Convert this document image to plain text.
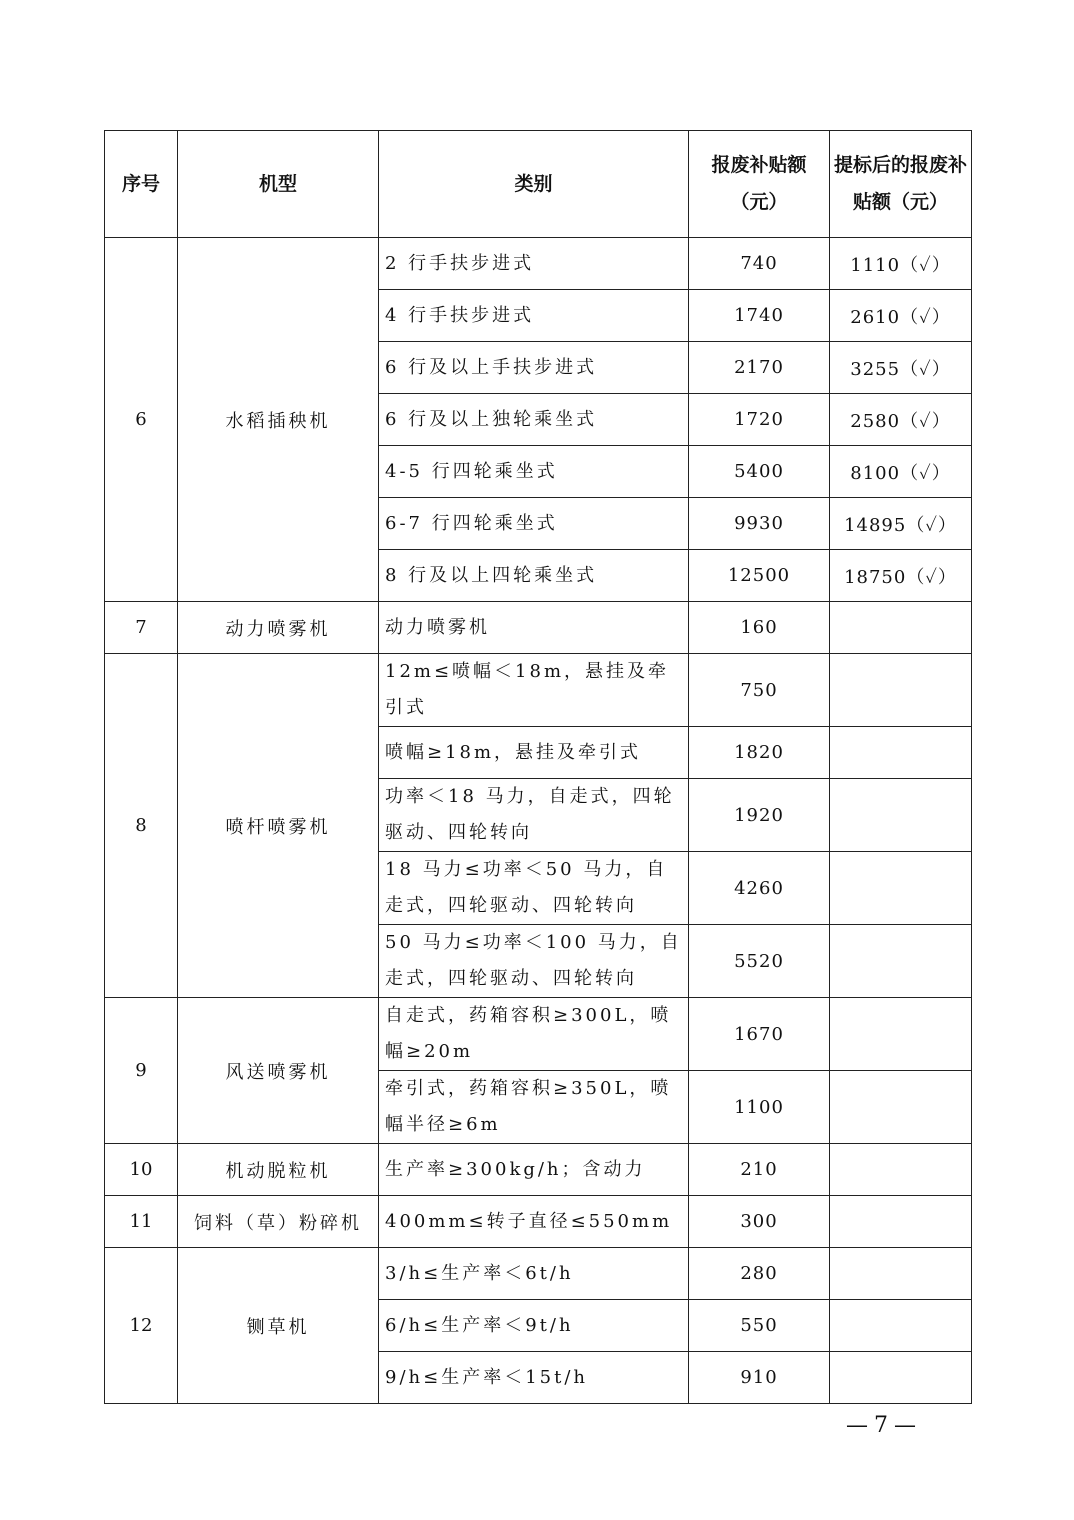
序号	机型	类别	报废补贴额（元）	提标后的报废补贴额（元）
6	水稻插秧机	2 行手扶步进式	740	1110（✓）
		4 行手扶步进式	1740	2610（✓）
		6 行及以上手扶步进式	2170	3255（✓）
		6 行及以上独轮乘坐式	1720	2580（✓）
		4-5 行四轮乘坐式	5400	8100（✓）
		6-7 行四轮乘坐式	9930	14895（✓）
		8 行及以上四轮乘坐式	12500	18750（✓）
7	动力喷雾机	动力喷雾机	160	
8	喷杆喷雾机	12m≤喷幅＜18m，悬挂及牵引式	750	
		喷幅≥18m，悬挂及牵引式	1820	
		功率＜18 马力，自走式，四轮驱动、四轮转向	1920	
		18 马力≤功率＜50 马力，自走式，四轮驱动、四轮转向	4260	
		50 马力≤功率＜100 马力，自走式，四轮驱动、四轮转向	5520	
9	风送喷雾机	自走式，药箱容积≥300L，喷幅≥20m	1670	
		牵引式，药箱容积≥350L，喷幅半径≥6m	1100	
10	机动脱粒机	生产率≥300kg/h；含动力	210	
11	饲料（草）粉碎机	400mm≤转子直径≤550mm	300	
12	铡草机	3/h≤生产率＜6t/h	280	
		6/h≤生产率＜9t/h	550	
		9/h≤生产率＜15t/h	910	
—7—
